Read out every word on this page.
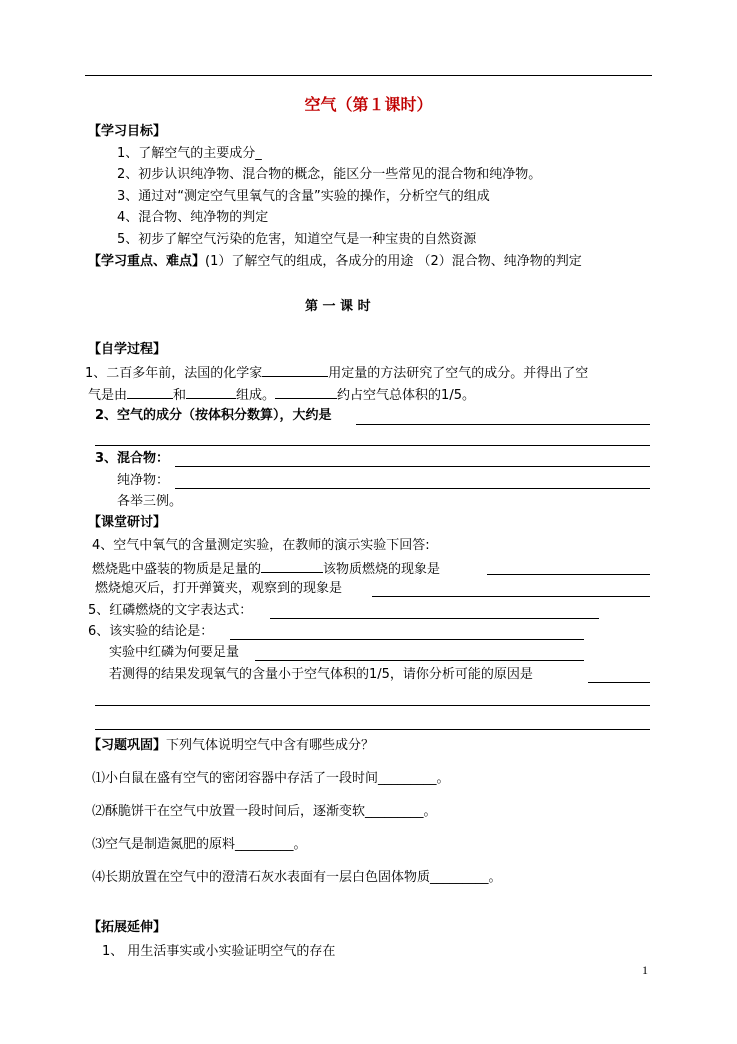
空气（第１课时）
【学习目标】
1、了解空气的主要成分_
2、初步认识纯净物、混合物的概念，能区分一些常见的混合物和纯净物。
3、通过对“测定空气里氧气的含量”实验的操作，分析空气的组成
4、混合物、纯净物的判定
5、初步了解空气污染的危害，知道空气是一种宝贵的自然资源
【学习重点、难点】(1）了解空气的组成，各成分的用途 （2）混合物、纯净物的判定
第 一 课 时
【自学过程】
1、二百多年前，法国的化学家	用定量的方法研究了空气的成分。并得出了空
气是由	和	组成。	约占空气总体积的1/5。
2、空气的成分（按体积分数算），大约是
3、混合物：
纯净物：
各举三例。
【课堂研讨】
4、空气中氧气的含量测定实验，在教师的演示实验下回答:
燃烧匙中盛装的物质是足量的	该物质燃烧的现象是
燃烧熄灭后，打开弹簧夹，观察到的现象是
5、红磷燃烧的文字表达式：
6、该实验的结论是：
实验中红磷为何要足量
若测得的结果发现氧气的含量小于空气体积的1/5，请你分析可能的原因是
【习题巩固】下列气体说明空气中含有哪些成分？
⑴小白鼠在盛有空气的密闭容器中存活了一段时间_________。
⑵酥脆饼干在空气中放置一段时间后，逐渐变软_________。
⑶空气是制造氮肥的原料_________。
⑷长期放置在空气中的澄清石灰水表面有一层白色固体物质_________。
【拓展延伸】
1、 用生活事实或小实验证明空气的存在
1
